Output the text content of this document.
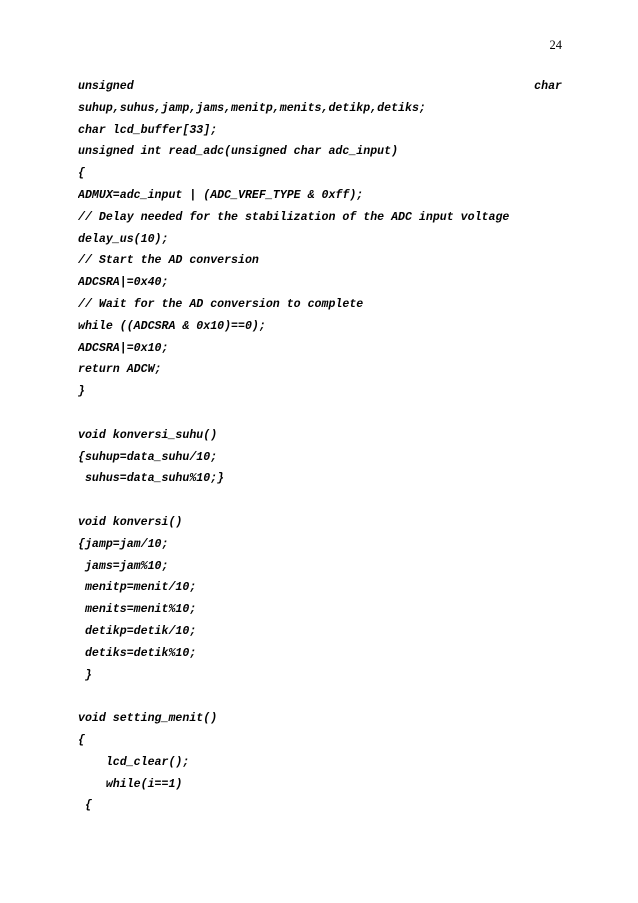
24
unsigned	char
suhup,suhus,jamp,jams,menitp,menits,detikp,detiks;
char lcd_buffer[33];
unsigned int read_adc(unsigned char adc_input)
{
ADMUX=adc_input | (ADC_VREF_TYPE & 0xff);
// Delay needed for the stabilization of the ADC input voltage
delay_us(10);
// Start the AD conversion
ADCSRA|=0x40;
// Wait for the AD conversion to complete
while ((ADCSRA & 0x10)==0);
ADCSRA|=0x10;
return ADCW;
}
void konversi_suhu()
{suhup=data_suhu/10;
suhus=data_suhu%10;}
void konversi()
{jamp=jam/10;
jams=jam%10;
menitp=menit/10;
menits=menit%10;
detikp=detik/10;
detiks=detik%10;
}
void setting_menit()
{
lcd_clear();
while(i==1)
{
